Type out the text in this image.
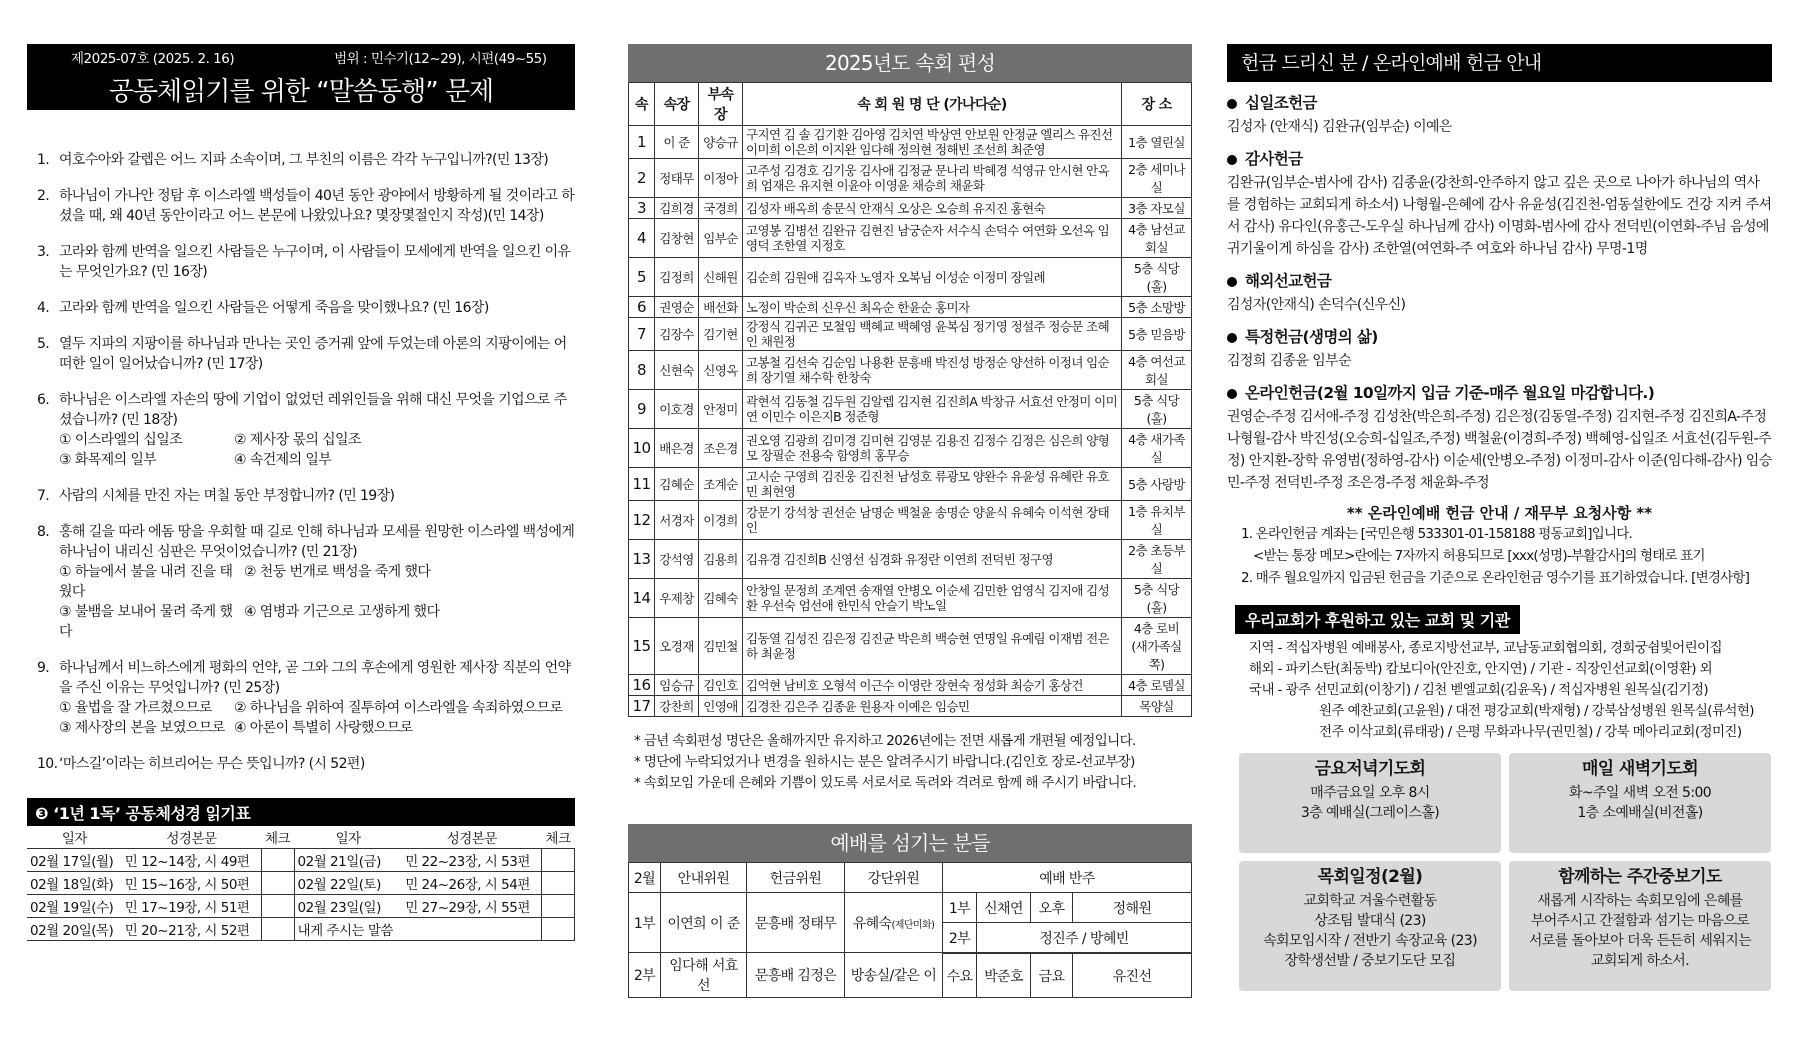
제2025-07호 (2025. 2. 16)	범위 : 민수기(12~29), 시편(49~55)
공동체읽기를 위한 “말씀동행” 문제
1. 여호수아와 갈렙은 어느 지파 소속이며, 그 부친의 이름은 각각 누구입니까?(민 13장)
2. 하나님이 가나안 정탐 후 이스라엘 백성들이 40년 동안 광야에서 방황하게 될 것이라고 하셨을 때, 왜 40년 동안이라고 어느 본문에 나왔있나요? 몇장몇절인지 작성)(민 14장)
3. 고라와 함께 반역을 일으킨 사람들은 누구이며, 이 사람들이 모세에게 반역을 일으킨 이유는 무엇인가요? (민 16장)
4. 고라와 함께 반역을 일으킨 사람들은 어떻게 죽음을 맞이했나요? (민 16장)
5. 열두 지파의 지팡이를 하나님과 만나는 곳인 증거궤 앞에 두었는데 아론의 지팡이에는 어떠한 일이 일어났습니까? (민 17장)
6. 하나님은 이스라엘 자손의 땅에 기업이 없었던 레위인들을 위해 대신 무엇을 기업으로 주셨습니까? (민 18장)
① 이스라엘의 십일조	② 제사장 몫의 십일조
③ 화목제의 일부	④ 속건제의 일부
7. 사람의 시체를 만진 자는 며칠 동안 부정합니까? (민 19장)
8. 홍해 길을 따라 에돔 땅을 우회할 때 길로 인해 하나님과 모세를 원망한 이스라엘 백성에게 하나님이 내리신 심판은 무엇이었습니까? (민 21장)
① 하늘에서 불을 내려 진을 태웠다
② 천둥 번개로 백성을 죽게 했다
③ 불뱀을 보내어 물려 죽게 했다
④ 염병과 기근으로 고생하게 했다
9. 하나님께서 비느하스에게 평화의 언약, 곧 그와 그의 후손에게 영원한 제사장 직분의 언약을 주신 이유는 무엇입니까? (민 25장)
① 율법을 잘 가르쳤으므로	② 하나님을 위하여 질투하여 이스라엘을 속죄하였으므로
③ 제사장의 본을 보였으므로 ④ 아론이 특별히 사랑했으므로
10. ‘마스길’이라는 히브리어는 무슨 뜻입니까? (시 52편)
❸ ‘1년 1독’ 공동체성경 읽기표
일자	성경본문	체크	일자	성경본문	체크
02월 17일(월)	민 12~14장, 시 49편		02월 21일(금)	민 22~23장, 시 53편	
02월 18일(화)	민 15~16장, 시 50편		02월 22일(토)	민 24~26장, 시 54편	
02월 19일(수)	민 17~19장, 시 51편		02월 23일(일)	민 27~29장, 시 55편	
02월 20일(목)	민 20~21장, 시 52편		내게 주시는 말씀		
2025년도 속회 편성
속	속장	부속장	속 회 원 명 단 (가나다순)	장 소
1	이 준	양승규	구지연 김 솔 김기환 김아영 김치연 박상연 안보원 안정균 엘리스 유진선 이미희 이은희 이지완 임다해 정의현 정해빈 조선희 최준영	1층 열린실
2	정태무	이정아	고주성 김경호 김기웅 김사애 김정균 문나리 박혜경 석영규 안시현 안옥희 엄재은 유지현 이윤아 이영윤 채승희 채윤화	2층 세미나실
3	김희경	국경희	김성자 배옥희 송문식 안재식 오상은 오승희 유지진 홍현숙	3층 자모실
4	김창현	임부순	고영봉 김병선 김완규 김현진 남궁순자 서수식 손덕수 여연화 오선옥 임영덕 조한열 지정호	4층 남선교회실
5	김정희	신해원	김순희 김원애 김옥자 노영자 오복님 이성순 이정미 장일례	5층 식당(홀)
6	권영순	배선화	노정이 박순희 신우신 최옥순 한윤순 홍미자	5층 소망방
7	김장수	김기현	강정식 김귀곤 모철임 백혜교 백혜영 윤복심 정기영 정설주 정승문 조혜인 채원정	5층 믿음방
8	신현숙	신영옥	고봉철 김선숙 김순임 나용환 문흥배 박진성 방정순 양선하 이정녀 임순희 장기열 채수학 한창숙	4층 여선교회실
9	이호경	안정미	곽현석 김동철 김두원 김알렙 김지현 김진희A 박창규 서효선 안정미 이미연 이민수 이은지B 정준형	5층 식당(홀)
10	배은경	조은경	권오영 김광희 김미경 김미현 김영분 김용진 김정수 김정은 심은희 양형모 장필순 전용숙 함영희 홍무승	4층 새가족실
11	김혜순	조계순	고시순 구영희 김진웅 김진천 남성호 류광모 양완수 유윤성 유혜란 유호민 최현영	5층 사랑방
12	서경자	이경희	강문기 강석창 권선순 남명순 백철윤 송명순 양윤식 유혜숙 이석현 장태인	1층 유치부실
13	강석영	김용희	김유경 김진희B 신영선 심경화 유정란 이연희 전덕빈 정구영	2층 초등부실
14	우제창	김혜숙	안창일 문정희 조계연 송재열 안병오 이순세 김민한 엄영식 김지애 김성환 우선숙 엄선애 한민식 안슬기 박노일	5층 식당(홀)
15	오경재	김민철	김동열 김성진 김은정 김진균 박은희 백승현 연명일 유예림 이재범 전은하 최윤정	4층 로비 (새가족실쪽)
16	임승규	김인호	김억현 남비호 오형석 이근수 이영란 장현숙 정성화 최승기 홍상건	4층 로뎀실
17	강찬희	인영애	김경찬 김은주 김종윤 원용자 이예은 임승민	목양실
* 금년 속회편성 명단은 올해까지만 유지하고 2026년에는 전면 새롭게 개편될 예정입니다.
* 명단에 누락되었거나 변경을 원하시는 분은 알려주시기 바랍니다.(김인호 장로-선교부장)
* 속회모임 가운데 은혜와 기쁨이 있도록 서로서로 독려와 격려로 함께 해 주시기 바랍니다.
예배를 섬기는 분들
2월	안내위원	헌금위원	강단위원	예배 반주			
1부	이연희 이 준	문흥배 정태무	유혜숙(제단미화)	1부	신채연	오후	정해원
				2부	정진주 / 방혜빈		
2부	임다해 서효선	문흥배 김정은	방송실/같은 이				
				수요	박준호	금요	유진선
헌금 드리신 분 / 온라인예배 헌금 안내
십일조헌금

김성자 (안재식) 김완규(임부순) 이예은

감사헌금

김완규(임부순-범사에 감사) 김종윤(강찬희-안주하지 않고 깊은 곳으로 나아가 하나님의 역사를 경험하는 교회되게 하소서) 나형월-은혜에 감사 유윤성(김진천-엄동설한에도 건강 지켜 주셔서 감사) 유다인(유홍근-도우실 하나님께 감사) 이명화-범사에 감사 전덕빈(이연화-주님 음성에 귀기울이게 하심을 감사) 조한열(여연화-주 여호와 하나님 감사) 무명-1명

해외선교헌금

김성자(안재식) 손덕수(신우신)

특정헌금(생명의 삶)

김정희 김종윤 임부순

온라인헌금(2월 10일까지 입금 기준-매주 월요일 마감합니다.)

권영순-주정 김서애-주정 김성찬(박은희-주정) 김은정(김동열-주정) 김지현-주정 김진희A-주정 나형월-감사 박진성(오승희-십일조,주정) 백철윤(이경희-주정) 백혜영-십일조 서효선(김두원-주정) 안지환-장학 유영범(정하영-감사) 이순세(안병오-주정) 이정미-감사 이준(임다해-감사) 임승민-주정 전덕빈-주정 조은경-주정 채윤화-주정

** 온라인예배 헌금 안내 / 재무부 요청사항 **
1. 온라인헌금 계좌는 [국민은행 533301-01-158188 평동교회]입니다.
<받는 통장 메모>란에는 7자까지 허용되므로 [xxx(성명)-부활감사]의 형태로 표기
2. 매주 월요일까지 입금된 헌금을 기준으로 온라인헌금 영수기를 표기하였습니다. [변경사항]
우리교회가 후원하고 있는 교회 및 기관
지역 - 적십자병원 예배봉사, 종로지방선교부, 교남동교회협의회, 경희궁쉼빛어린이집
해외 - 파키스탄(최동박) 캄보디아(안진호, 안지연) / 기관 - 직장인선교회(이영환) 외
국내 - 광주 선민교회(이창기) / 김천 벧엘교회(김윤옥) / 적십자병원 원목실(김기정)
원주 예찬교회(고윤원) / 대전 평강교회(박재형) / 강북삼성병원 원목실(류석현)
전주 이삭교회(류태광) / 은평 무화과나무(권민철) / 강북 메아리교회(정미진)
금요저녁기도회
매주금요일 오후 8시
3층 예배실(그레이스홀)
매일 새벽기도회
화~주일 새벽 오전 5:00
1층 소예배실(비전홀)
목회일정(2월)
교회학교 겨울수련활동
상조팀 발대식 (23)
속회모임시작 / 전반기 속장교육 (23)
장학생선발 / 중보기도단 모집
함께하는 주간중보기도
새롭게 시작하는 속회모임에 은혜를
부어주시고 간절함과 섬기는 마음으로
서로를 돌아보아 더욱 든든히 세워지는
교회되게 하소서.
